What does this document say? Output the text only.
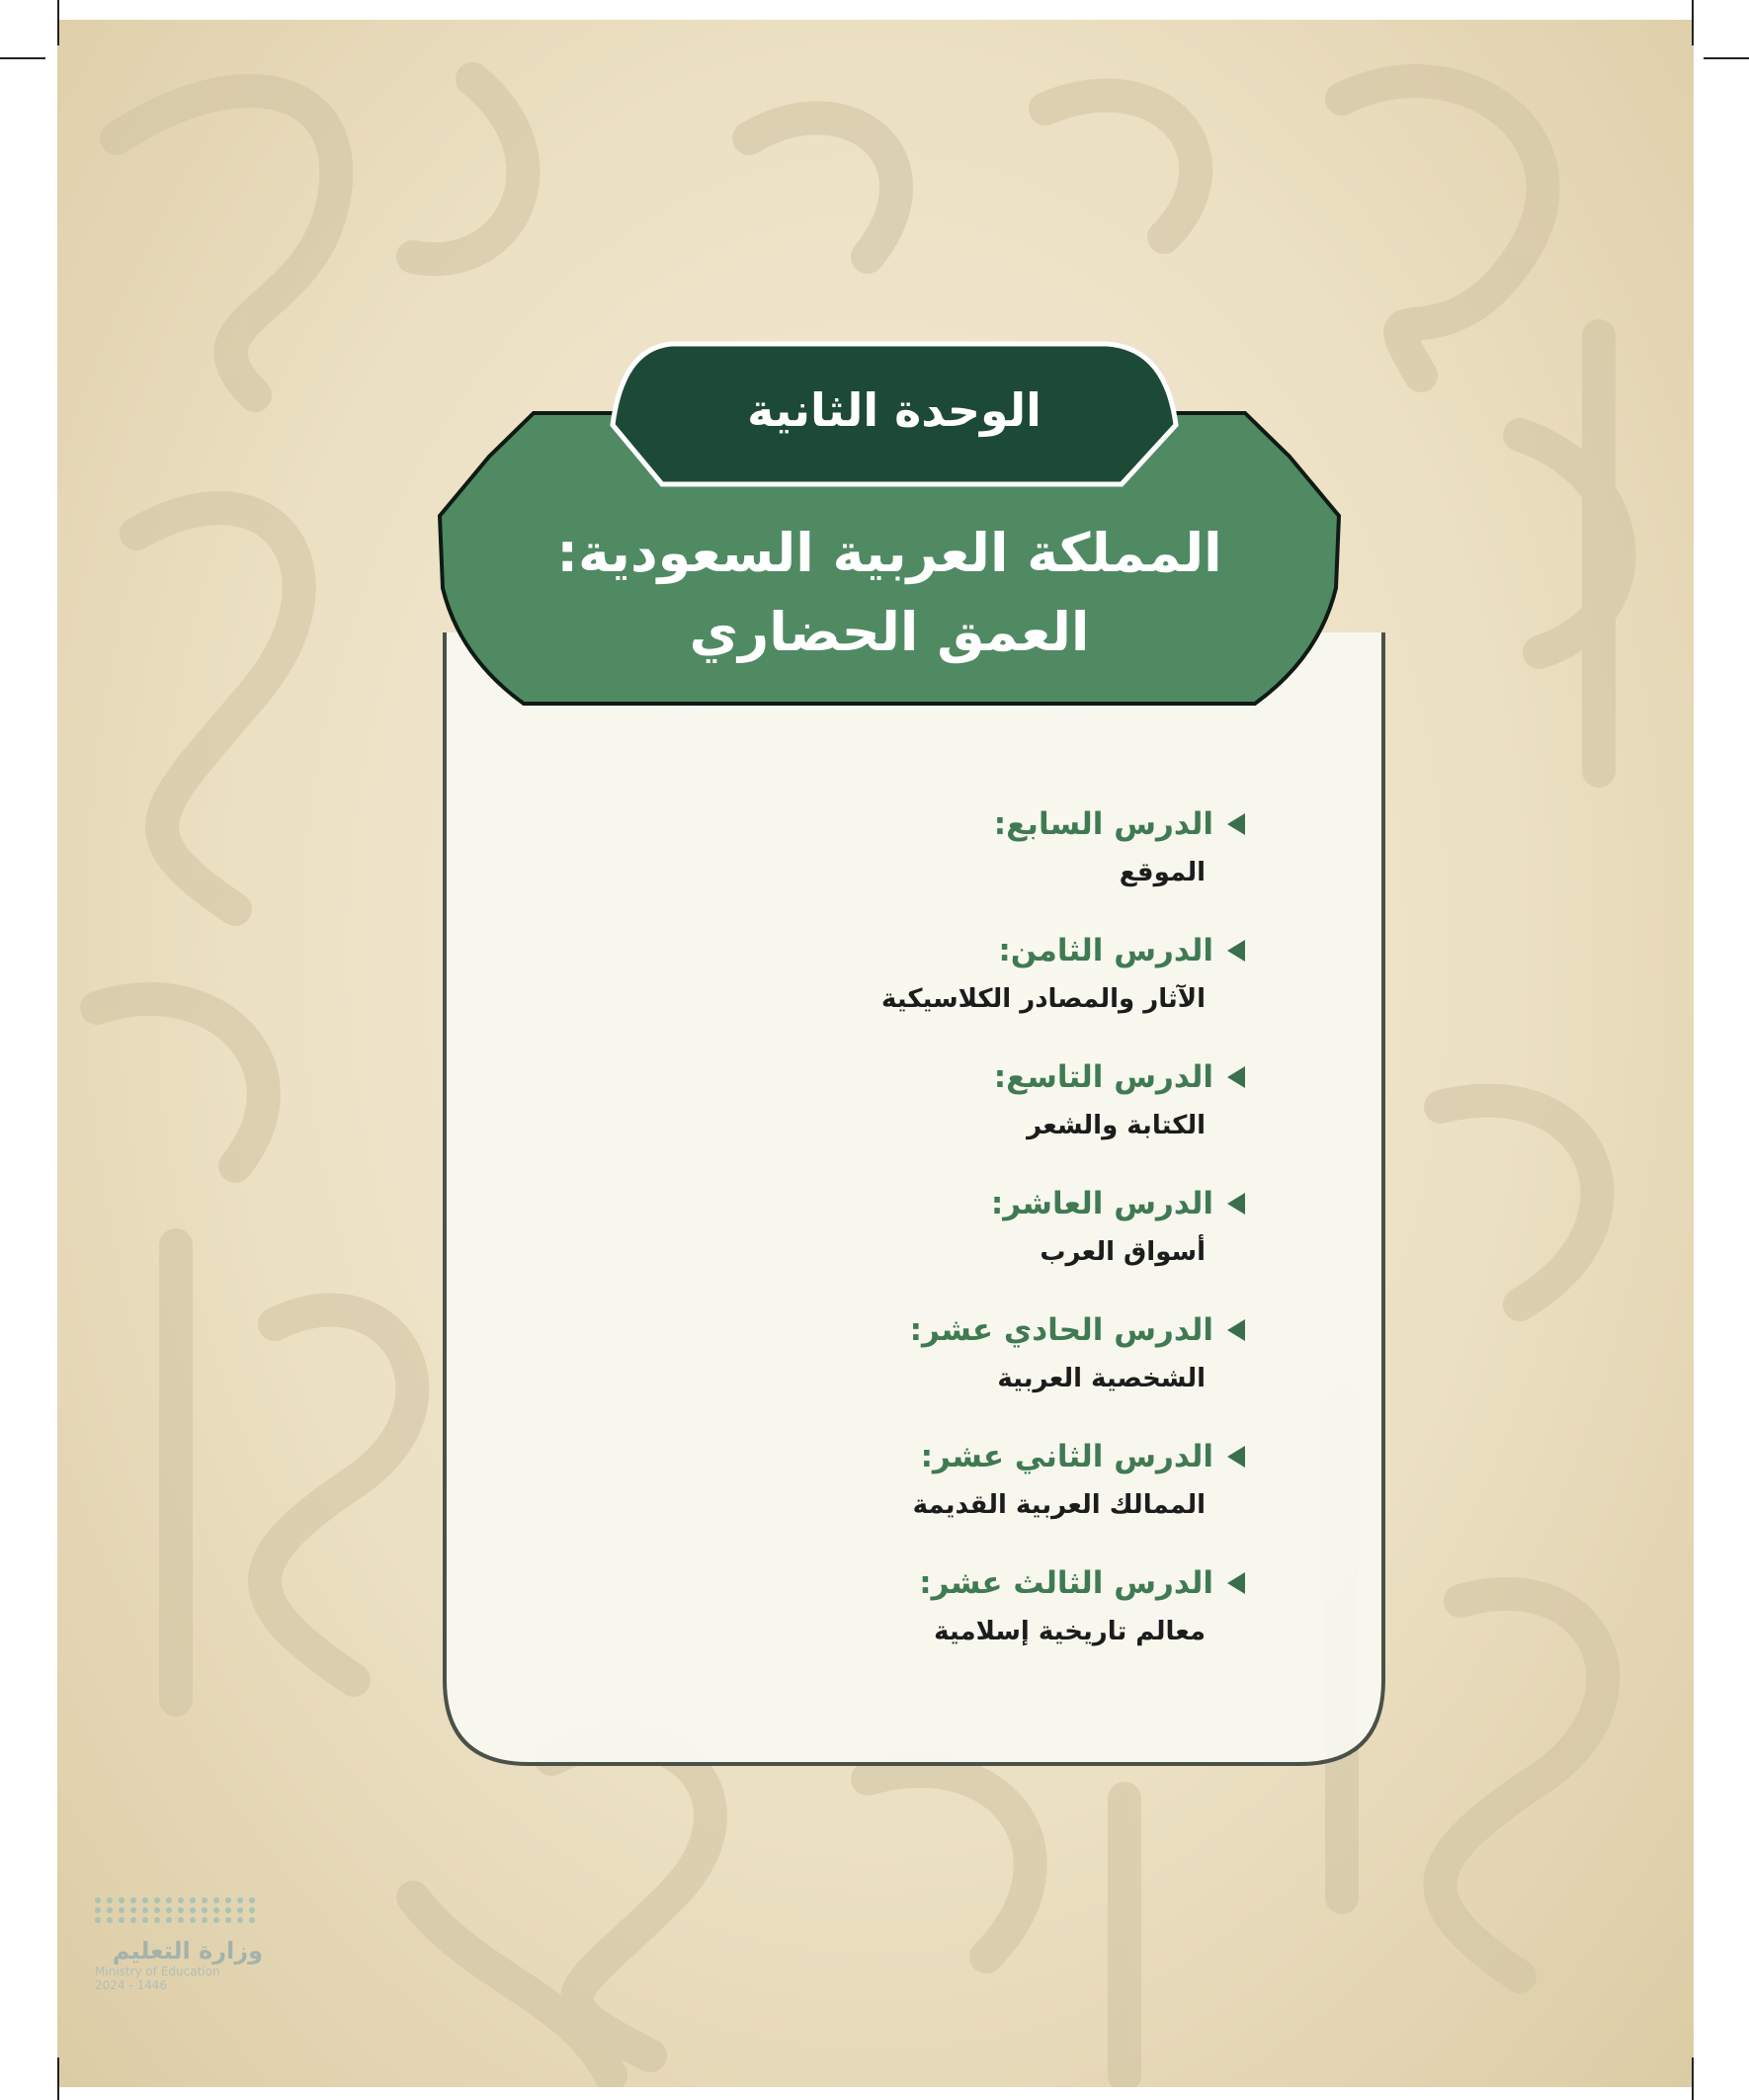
الوحدة الثانية
المملكة العربية السعودية:
العمق الحضاري
الدرس السابع:
الموقع
الدرس الثامن:
الآثار والمصادر الكلاسيكية
الدرس التاسع:
الكتابة والشعر
الدرس العاشر:
أسواق العرب
الدرس الحادي عشر:
الشخصية العربية
الدرس الثاني عشر:
الممالك العربية القديمة
الدرس الثالث عشر:
معالم تاريخية إسلامية
وزارة التعليم
Ministry of Education
2024 - 1446
